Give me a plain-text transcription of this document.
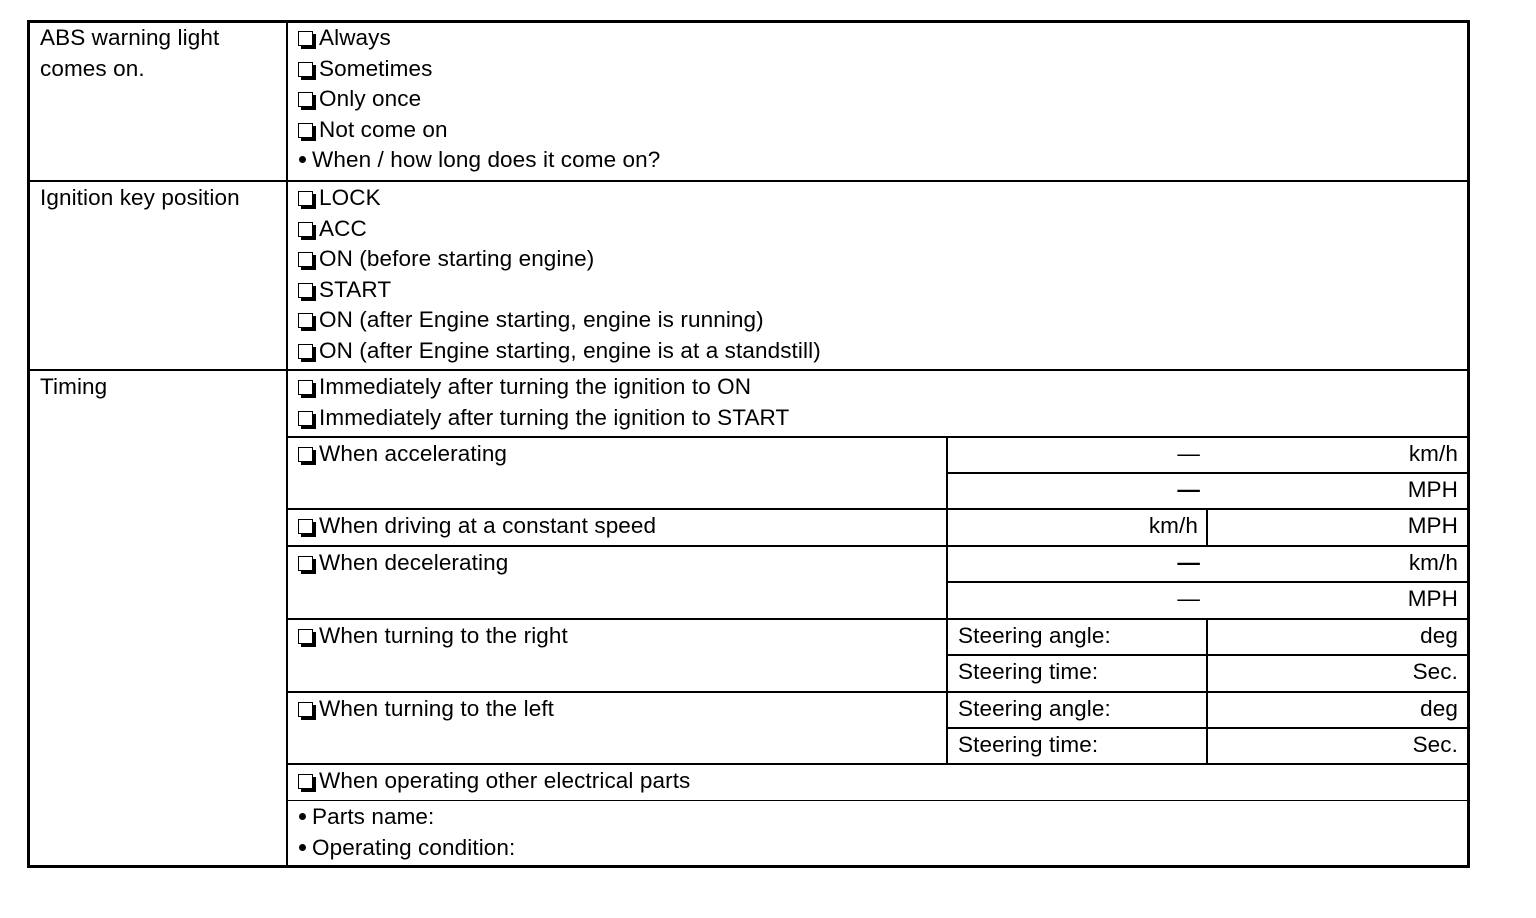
ABS warning light
comes on.
Always
Sometimes
Only once
Not come on
When / how long does it come on?
Ignition key position	LOCK
ACC
ON (before starting engine)
START
ON (after Engine starting, engine is running)
ON (after Engine starting, engine is at a standstill)
Timing	Immediately after turning the ignition to ON
Immediately after turning the ignition to START
When accelerating	—	km/h
—	MPH
When driving at a constant speed	km/h	MPH
When decelerating	—	km/h
—	MPH
When turning to the right	Steering angle:	deg
Steering time:	Sec.
When turning to the left	Steering angle:	deg
Steering time:	Sec.
When operating other electrical parts
Parts name:
Operating condition:
